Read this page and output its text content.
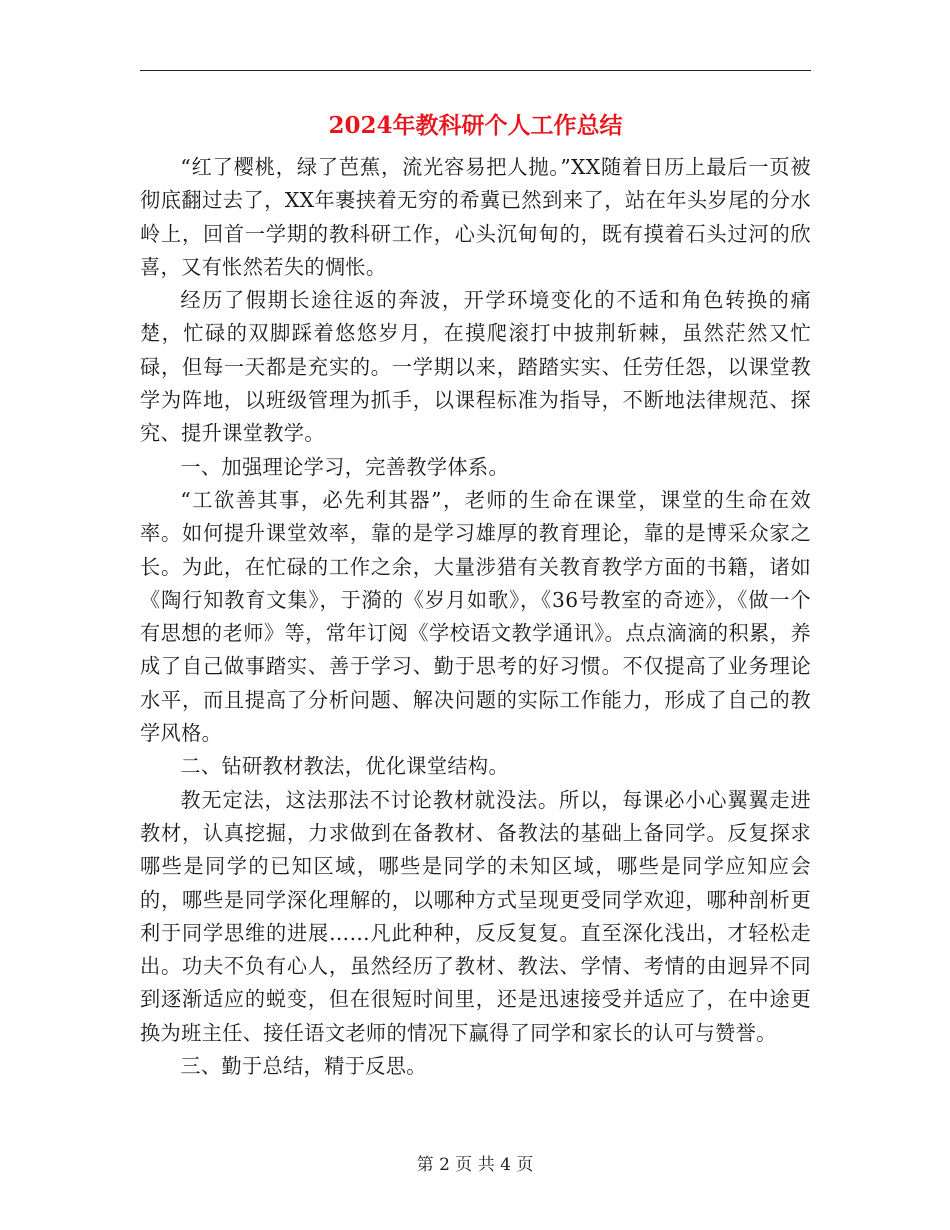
2024年教科研个人工作总结

“红了樱桃，绿了芭蕉，流光容易把人抛。”XX随着日历上最后一页被彻底翻过去了，XX年裹挟着无穷的希冀已然到来了，站在年头岁尾的分水岭上，回首一学期的教科研工作，心头沉甸甸的，既有摸着石头过河的欣喜，又有怅然若失的惆怅。

经历了假期长途往返的奔波，开学环境变化的不适和角色转换的痛楚，忙碌的双脚踩着悠悠岁月，在摸爬滚打中披荆斩棘，虽然茫然又忙碌，但每一天都是充实的。一学期以来，踏踏实实、任劳任怨，以课堂教学为阵地，以班级管理为抓手，以课程标准为指导，不断地法律规范、探究、提升课堂教学。

一、加强理论学习，完善教学体系。

“工欲善其事，必先利其器”，老师的生命在课堂，课堂的生命在效率。如何提升课堂效率，靠的是学习雄厚的教育理论，靠的是博采众家之长。为此，在忙碌的工作之余，大量涉猎有关教育教学方面的书籍，诸如《陶行知教育文集》，于漪的《岁月如歌》，《36号教室的奇迹》，《做一个有思想的老师》等，常年订阅《学校语文教学通讯》。点点滴滴的积累，养成了自己做事踏实、善于学习、勤于思考的好习惯。不仅提高了业务理论水平，而且提高了分析问题、解决问题的实际工作能力，形成了自己的教学风格。

二、钻研教材教法，优化课堂结构。

教无定法，这法那法不讨论教材就没法。所以，每课必小心翼翼走进教材，认真挖掘，力求做到在备教材、备教法的基础上备同学。反复探求哪些是同学的已知区域，哪些是同学的未知区域，哪些是同学应知应会的，哪些是同学深化理解的，以哪种方式呈现更受同学欢迎，哪种剖析更利于同学思维的进展……凡此种种，反反复复。直至深化浅出，才轻松走出。功夫不负有心人，虽然经历了教材、教法、学情、考情的由迥异不同到逐渐适应的蜕变，但在很短时间里，还是迅速接受并适应了，在中途更换为班主任、接任语文老师的情况下赢得了同学和家长的认可与赞誉。

三、勤于总结，精于反思。

第 2 页 共 4 页
